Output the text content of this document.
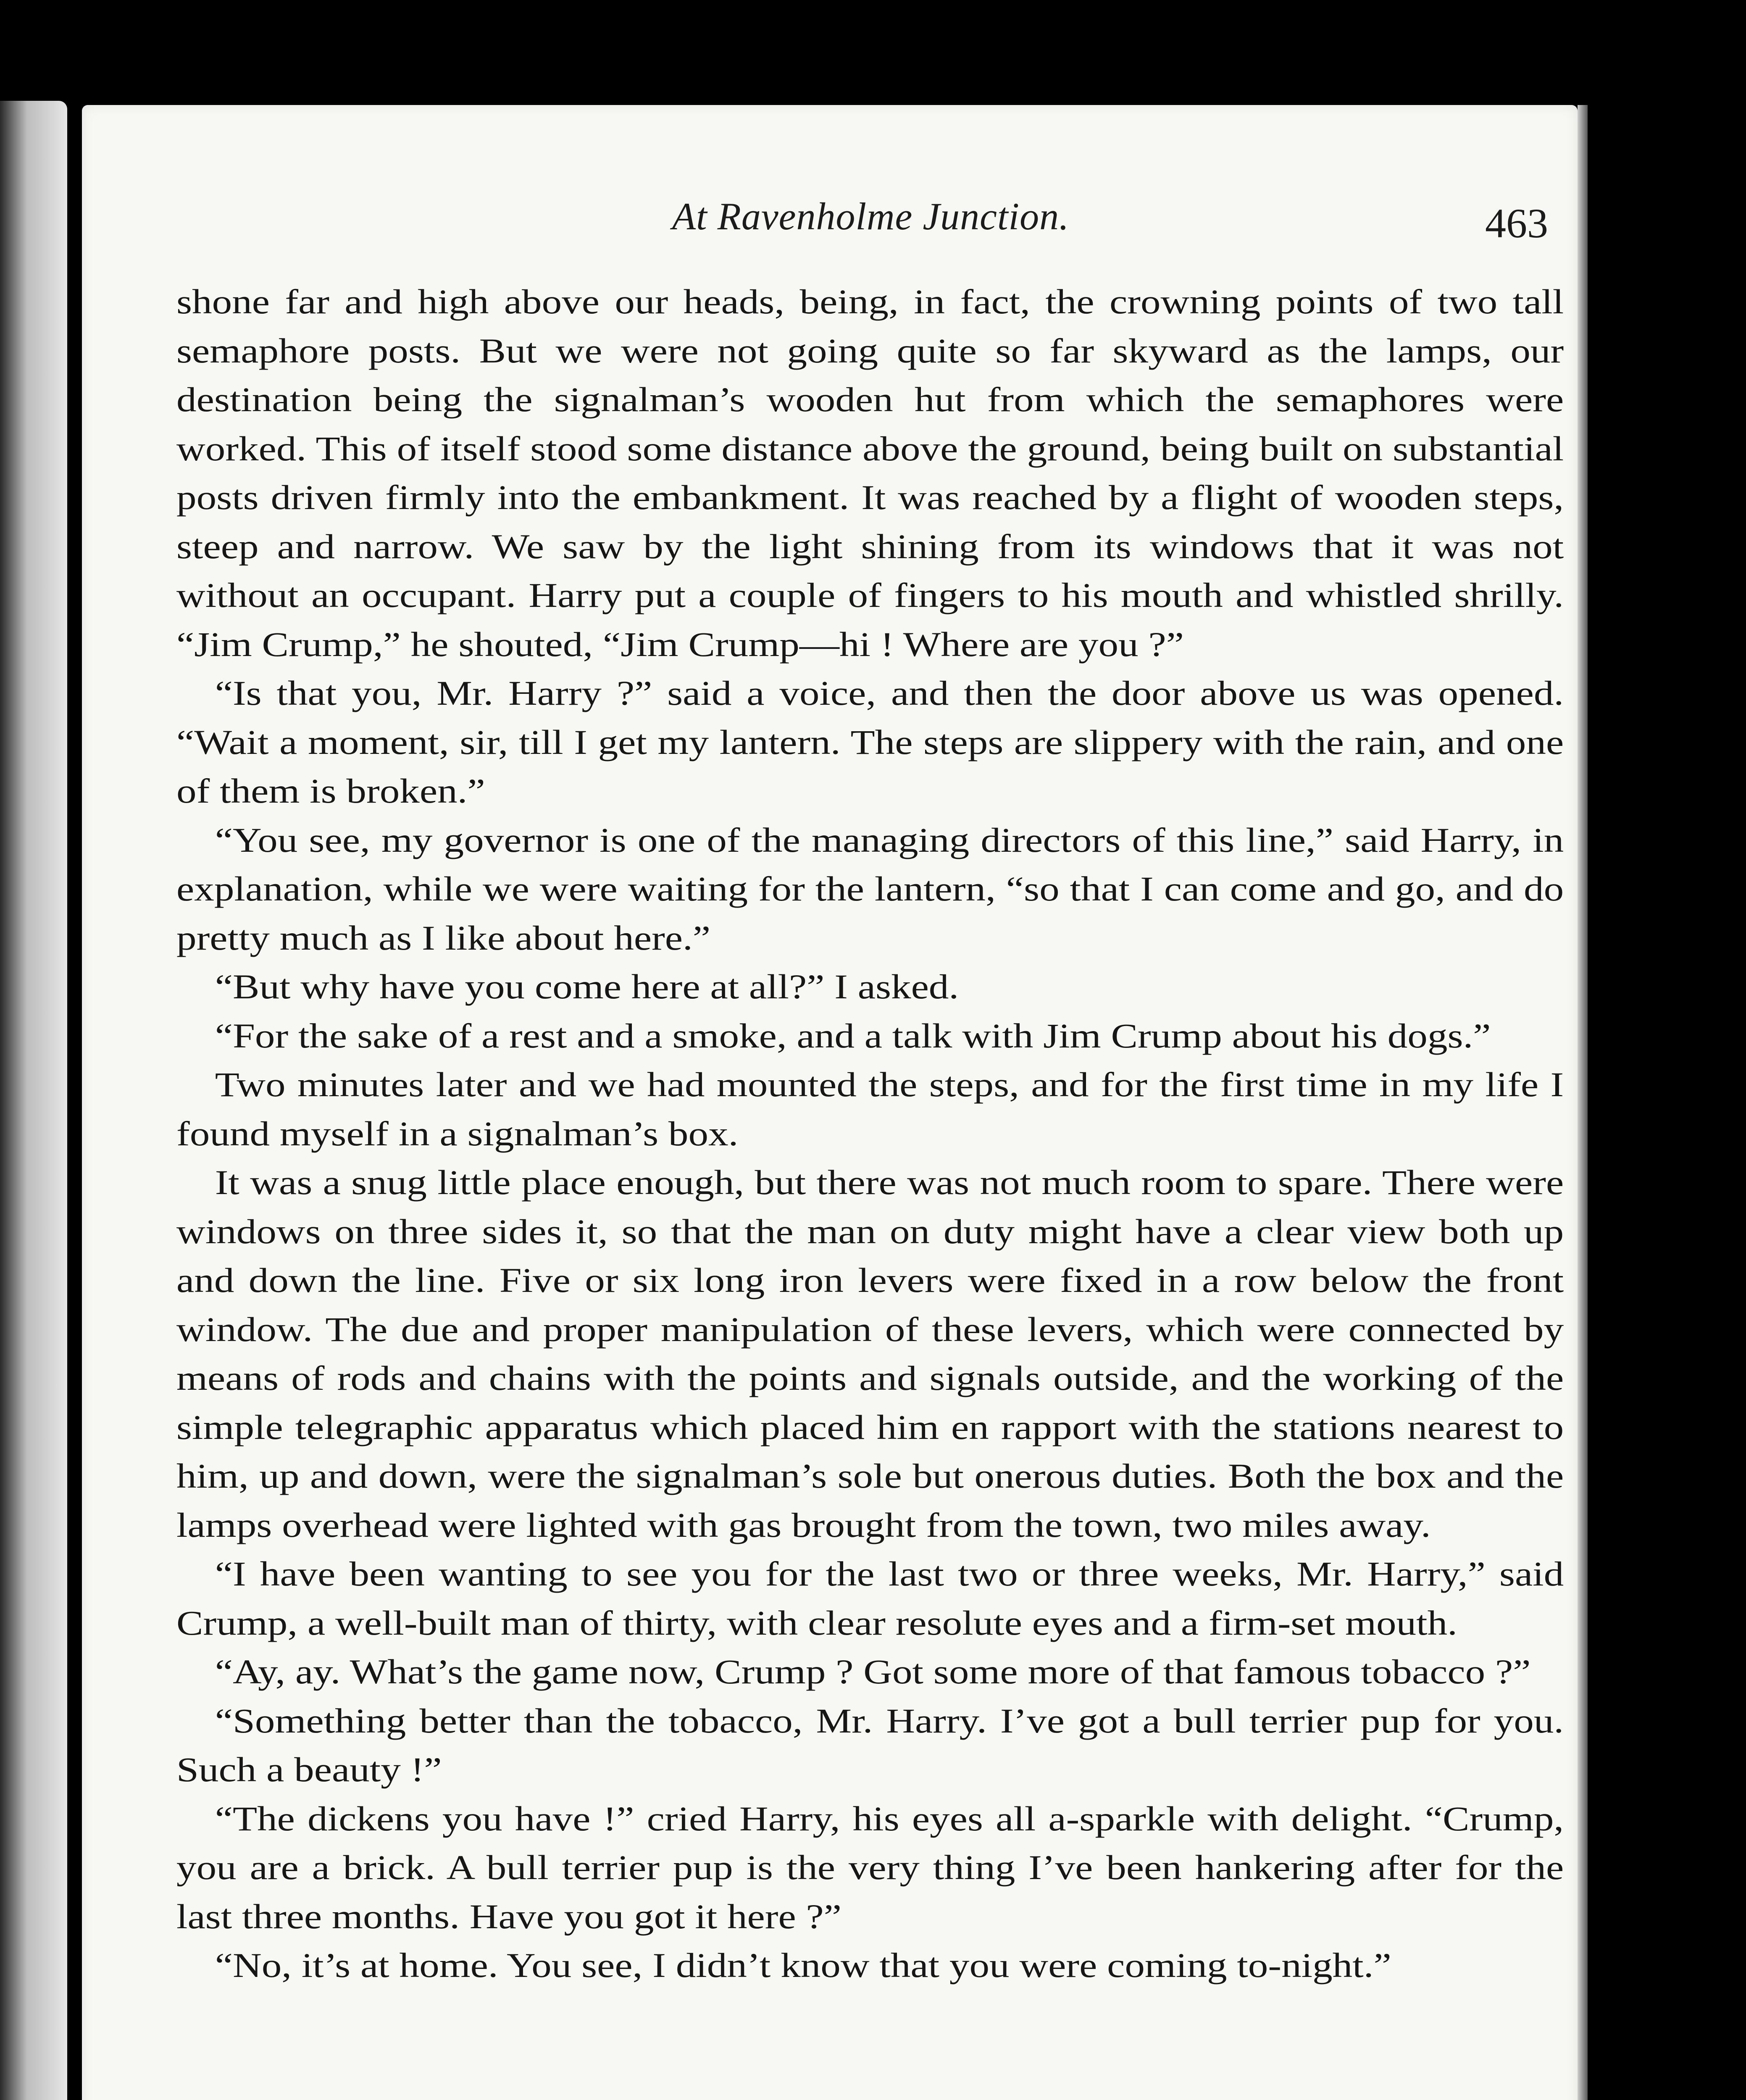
At Ravenholme Junction.	463

shone far and high above our heads, being, in fact, the crowning points of two tall semaphore posts. But we were not going quite so far skyward as the lamps, our destination being the signalman’s wooden hut from which the semaphores were worked. This of itself stood some distance above the ground, being built on substantial posts driven firmly into the embankment. It was reached by a flight of wooden steps, steep and narrow. We saw by the light shining from its windows that it was not without an occupant. Harry put a couple of fingers to his mouth and whistled shrilly. “Jim Crump,” he shouted, “Jim Crump—hi ! Where are you ?”

“Is that you, Mr. Harry ?” said a voice, and then the door above us was opened. “Wait a moment, sir, till I get my lantern. The steps are slippery with the rain, and one of them is broken.”

“You see, my governor is one of the managing directors of this line,” said Harry, in explanation, while we were waiting for the lantern, “so that I can come and go, and do pretty much as I like about here.”

“But why have you come here at all?” I asked.

“For the sake of a rest and a smoke, and a talk with Jim Crump about his dogs.”

Two minutes later and we had mounted the steps, and for the first time in my life I found myself in a signalman’s box.

It was a snug little place enough, but there was not much room to spare. There were windows on three sides it, so that the man on duty might have a clear view both up and down the line. Five or six long iron levers were fixed in a row below the front window. The due and proper manipulation of these levers, which were connected by means of rods and chains with the points and signals outside, and the working of the simple telegraphic apparatus which placed him en rapport with the stations nearest to him, up and down, were the signalman’s sole but onerous duties. Both the box and the lamps overhead were lighted with gas brought from the town, two miles away.

“I have been wanting to see you for the last two or three weeks, Mr. Harry,” said Crump, a well-built man of thirty, with clear resolute eyes and a firm-set mouth.

“Ay, ay. What’s the game now, Crump ? Got some more of that famous tobacco ?”

“Something better than the tobacco, Mr. Harry. I’ve got a bull terrier pup for you. Such a beauty !”

“The dickens you have !” cried Harry, his eyes all a-sparkle with delight. “Crump, you are a brick. A bull terrier pup is the very thing I’ve been hankering after for the last three months. Have you got it here ?”

“No, it’s at home. You see, I didn’t know that you were coming to-night.”
